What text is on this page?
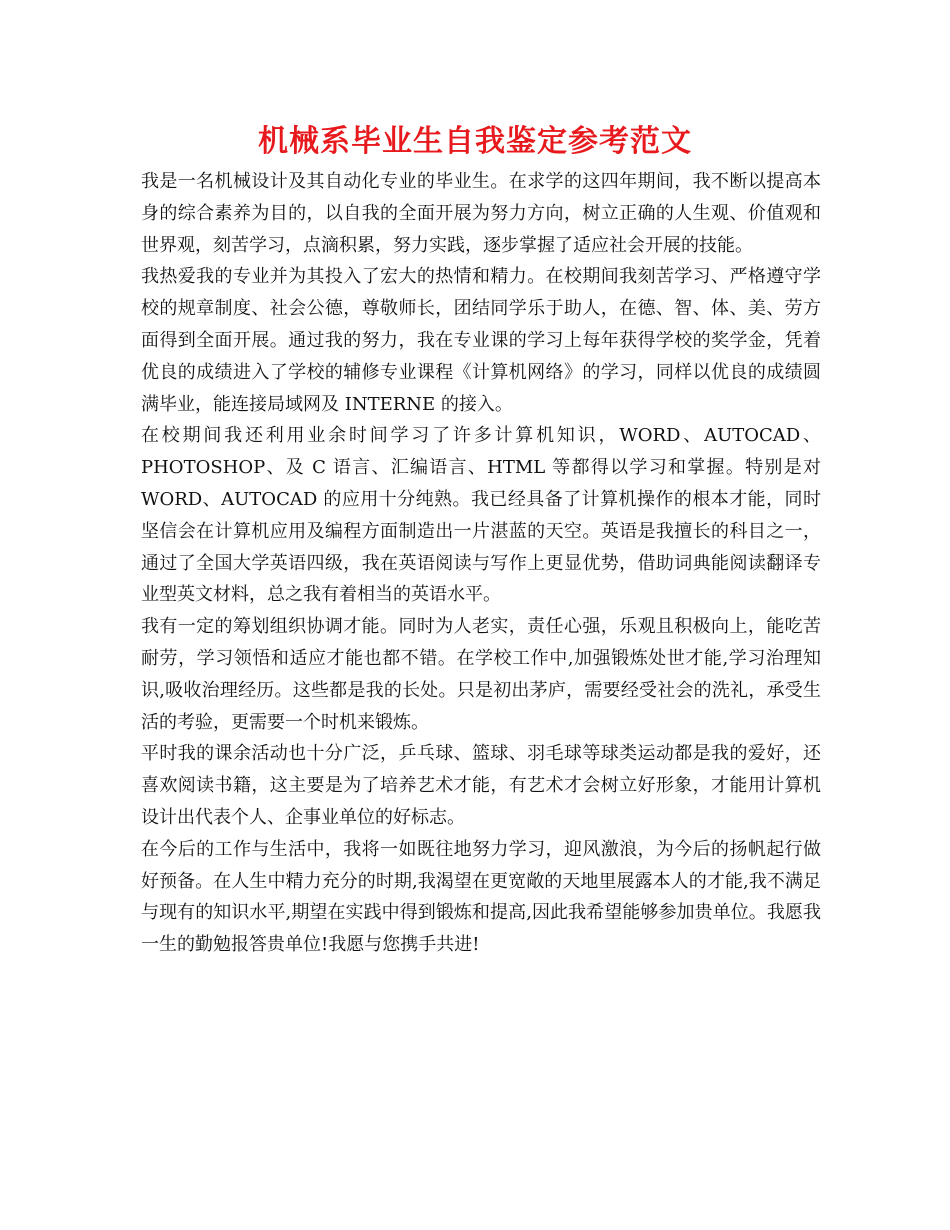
机械系毕业生自我鉴定参考范文

我是一名机械设计及其自动化专业的毕业生。在求学的这四年期间，我不断以提高本身的综合素养为目的，以自我的全面开展为努力方向，树立正确的人生观、价值观和世界观，刻苦学习，点滴积累，努力实践，逐步掌握了适应社会开展的技能。

我热爱我的专业并为其投入了宏大的热情和精力。在校期间我刻苦学习、严格遵守学校的规章制度、社会公德，尊敬师长，团结同学乐于助人，在德、智、体、美、劳方面得到全面开展。通过我的努力，我在专业课的学习上每年获得学校的奖学金，凭着优良的成绩进入了学校的辅修专业课程《计算机网络》的学习，同样以优良的成绩圆满毕业，能连接局域网及 INTERNE 的接入。

在校期间我还利用业余时间学习了许多计算机知识，WORD、AUTOCAD、PHOTOSHOP、及 C 语言、汇编语言、HTML 等都得以学习和掌握。特别是对 WORD、AUTOCAD 的应用十分纯熟。我已经具备了计算机操作的根本才能，同时坚信会在计算机应用及编程方面制造出一片湛蓝的天空。英语是我擅长的科目之一，通过了全国大学英语四级，我在英语阅读与写作上更显优势，借助词典能阅读翻译专业型英文材料，总之我有着相当的英语水平。

我有一定的筹划组织协调才能。同时为人老实，责任心强，乐观且积极向上，能吃苦耐劳，学习领悟和适应才能也都不错。在学校工作中,加强锻炼处世才能,学习治理知识,吸收治理经历。这些都是我的长处。只是初出茅庐，需要经受社会的洗礼，承受生活的考验，更需要一个时机来锻炼。

平时我的课余活动也十分广泛，乒乓球、篮球、羽毛球等球类运动都是我的爱好，还喜欢阅读书籍，这主要是为了培养艺术才能，有艺术才会树立好形象，才能用计算机设计出代表个人、企事业单位的好标志。

在今后的工作与生活中，我将一如既往地努力学习，迎风激浪，为今后的扬帆起行做好预备。在人生中精力充分的时期,我渴望在更宽敞的天地里展露本人的才能,我不满足与现有的知识水平,期望在实践中得到锻炼和提高,因此我希望能够参加贵单位。我愿我一生的勤勉报答贵单位!我愿与您携手共进!
